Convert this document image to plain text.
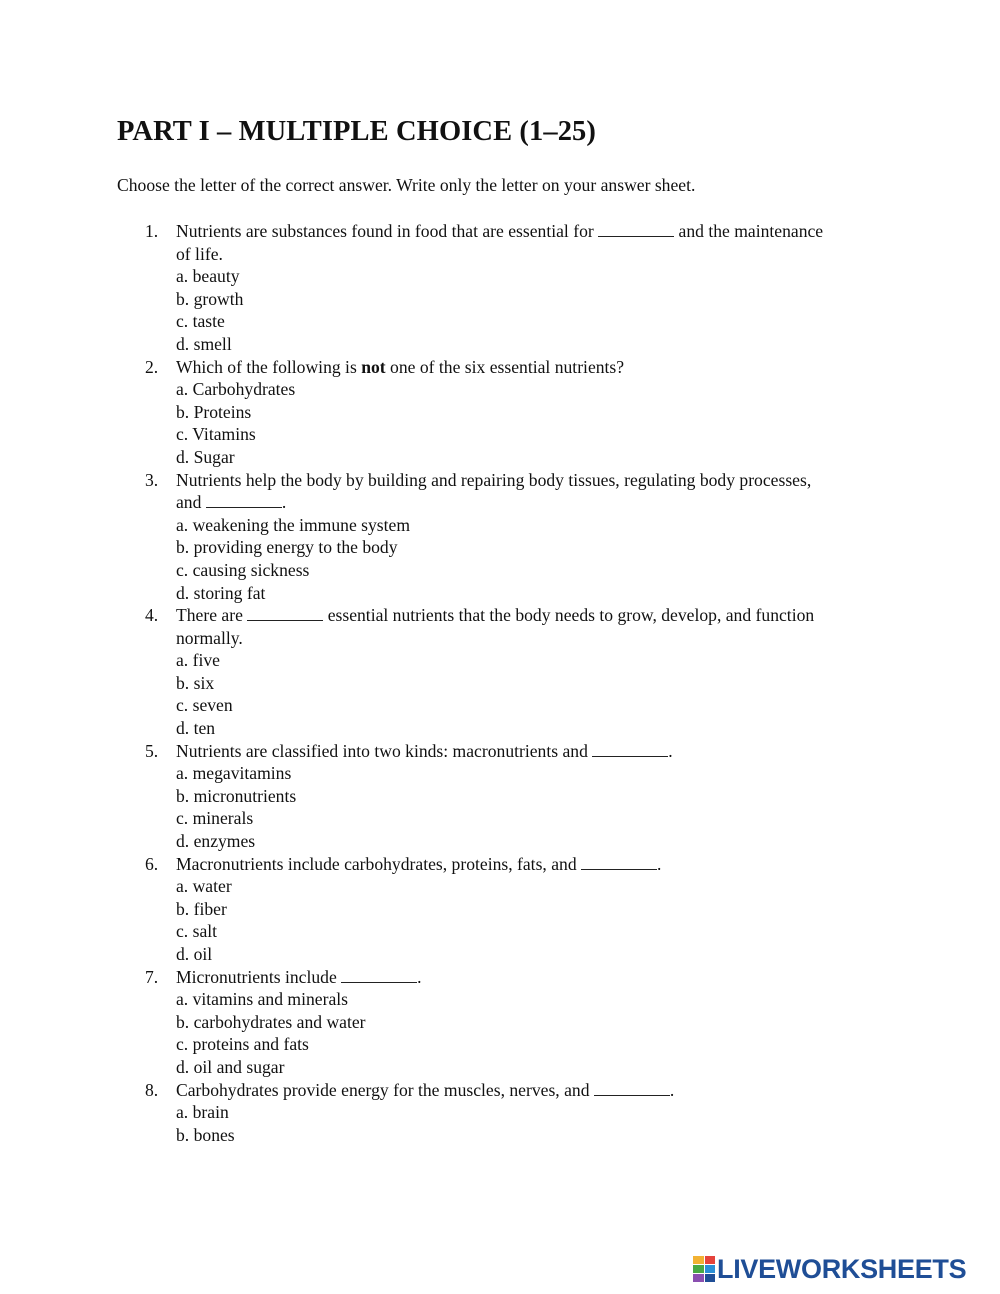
PART I – MULTIPLE CHOICE (1–25)

Choose the letter of the correct answer. Write only the letter on your answer sheet.

1. Nutrients are substances found in food that are essential for	and the maintenance of life.
a. beauty
b. growth
c. taste
d. smell
2. Which of the following is not one of the six essential nutrients?
a. Carbohydrates
b. Proteins
c. Vitamins
d. Sugar
3. Nutrients help the body by building and repairing body tissues, regulating body processes, and	.
a. weakening the immune system
b. providing energy to the body
c. causing sickness
d. storing fat
4. There are	essential nutrients that the body needs to grow, develop, and function normally.
a. five
b. six
c. seven
d. ten
5. Nutrients are classified into two kinds: macronutrients and	.
a. megavitamins
b. micronutrients
c. minerals
d. enzymes
6. Macronutrients include carbohydrates, proteins, fats, and	.
a. water
b. fiber
c. salt
d. oil
7. Micronutrients include	.
a. vitamins and minerals
b. carbohydrates and water
c. proteins and fats
d. oil and sugar
8. Carbohydrates provide energy for the muscles, nerves, and	.
a. brain
b. bones
LIVEWORKSHEETS
